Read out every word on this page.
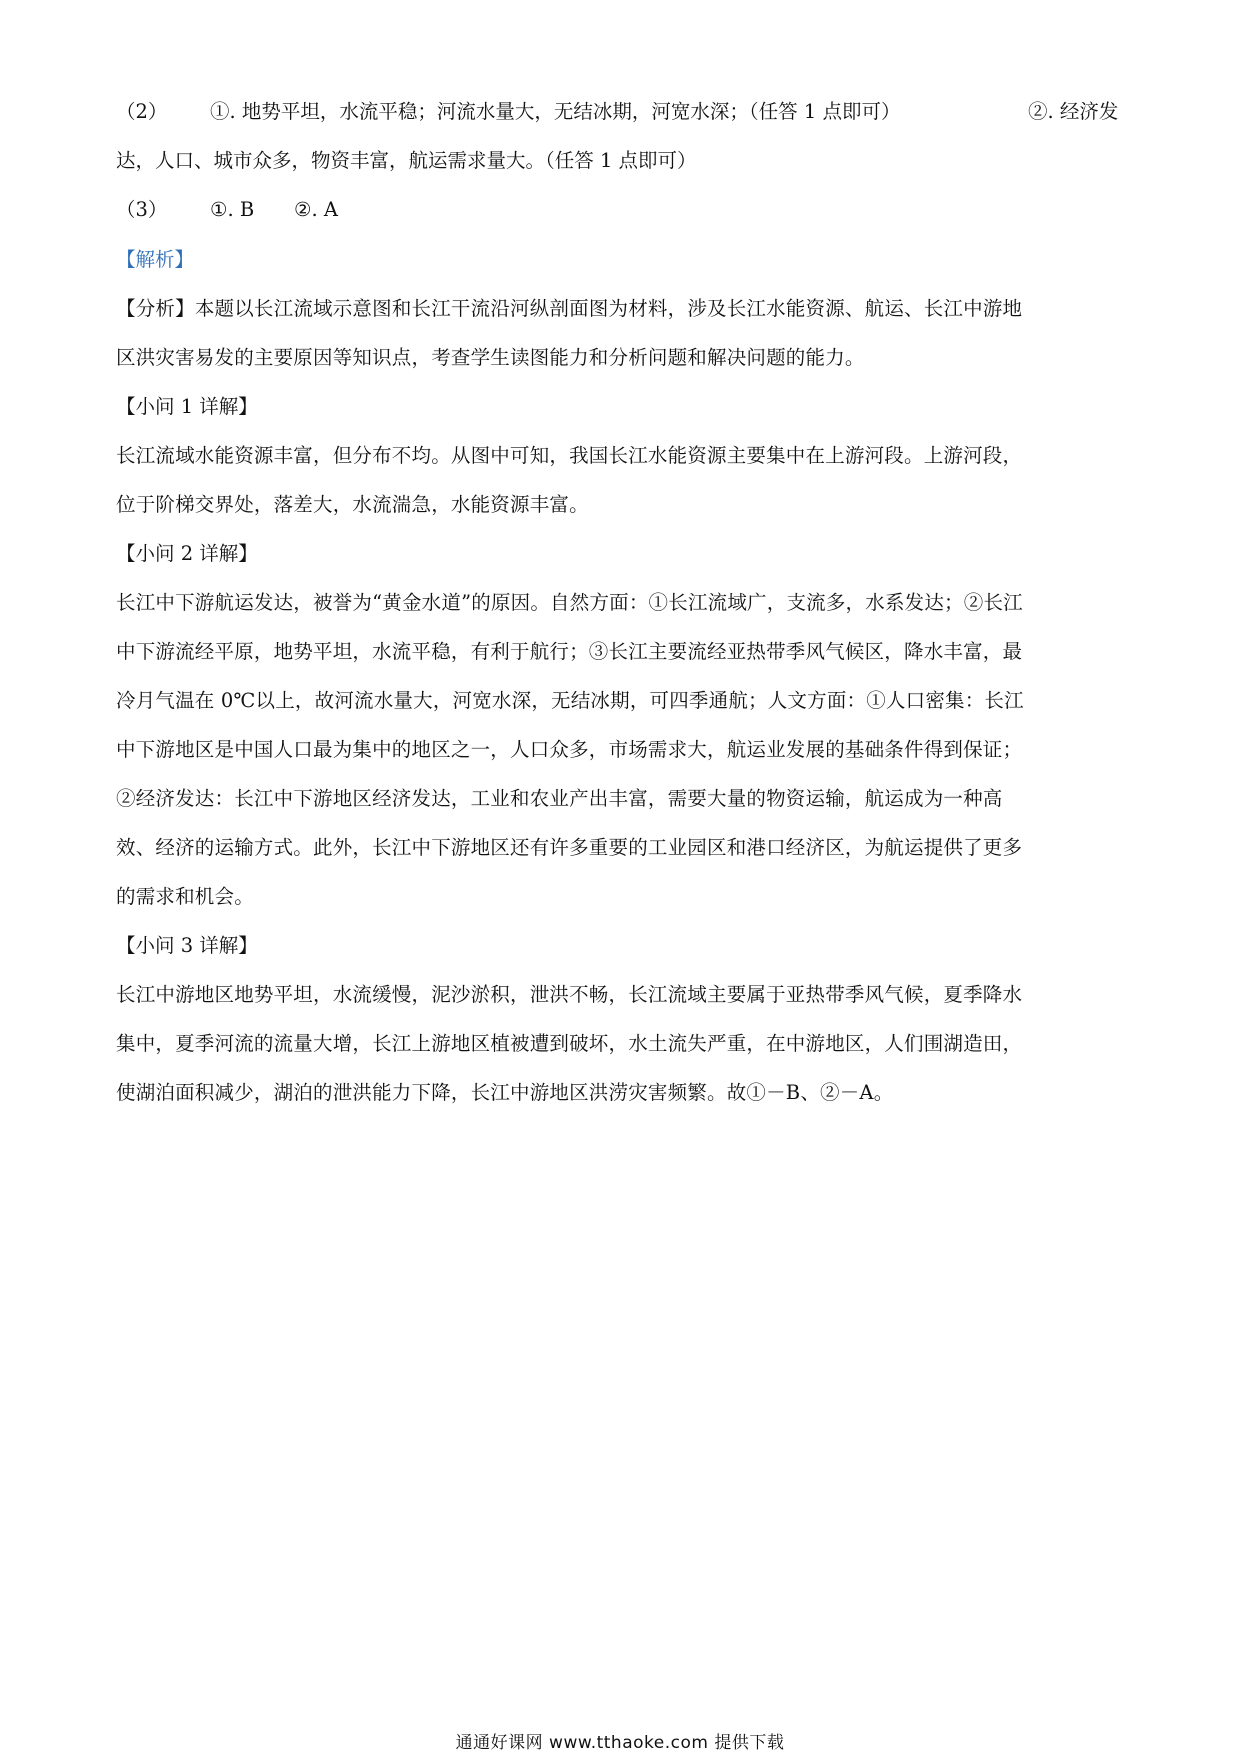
（2） ①. 地势平坦，水流平稳；河流水量大，无结冰期，河宽水深；（任答 1 点即可）	②. 经济发
达，人口、城市众多，物资丰富，航运需求量大。（任答 1 点即可）
（3） ①. B ②. A

【解析】

【分析】本题以长江流域示意图和长江干流沿河纵剖面图为材料，涉及长江水能资源、航运、长江中游地
区洪灾害易发的主要原因等知识点，考查学生读图能力和分析问题和解决问题的能力。

【小问 1 详解】

长江流域水能资源丰富，但分布不均。从图中可知，我国长江水能资源主要集中在上游河段。上游河段，
位于阶梯交界处，落差大，水流湍急，水能资源丰富。

【小问 2 详解】

长江中下游航运发达，被誉为“黄金水道”的原因。自然方面：①长江流域广，支流多，水系发达；②长江
中下游流经平原，地势平坦，水流平稳，有利于航行；③长江主要流经亚热带季风气候区，降水丰富，最
冷月气温在 0℃以上，故河流水量大，河宽水深，无结冰期，可四季通航；人文方面：①人口密集：长江
中下游地区是中国人口最为集中的地区之一，人口众多，市场需求大，航运业发展的基础条件得到保证；
②经济发达：长江中下游地区经济发达，工业和农业产出丰富，需要大量的物资运输，航运成为一种高
效、经济的运输方式。此外，长江中下游地区还有许多重要的工业园区和港口经济区，为航运提供了更多
的需求和机会。

【小问 3 详解】

长江中游地区地势平坦，水流缓慢，泥沙淤积，泄洪不畅，长江流域主要属于亚热带季风气候，夏季降水
集中，夏季河流的流量大增，长江上游地区植被遭到破坏，水土流失严重，在中游地区，人们围湖造田，
使湖泊面积减少，湖泊的泄洪能力下降，长江中游地区洪涝灾害频繁。故①－B、②－A。

通通好课网 www.tthaoke.com 提供下载
